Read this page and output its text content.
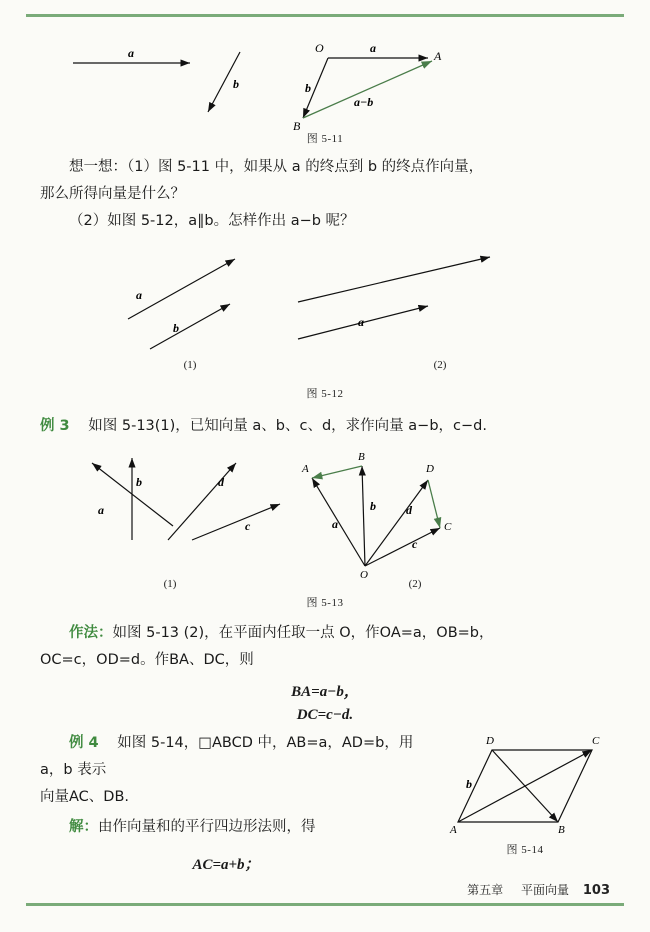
a
b
O	a
A
b
a−b
B
图 5-11

想一想：（1）图 5-11 中，如果从 a 的终点到 b 的终点作向量，

那么所得向量是什么？

（2）如图 5-12，a∥b。怎样作出 a−b 呢？

a
b	a
(1)	(2)
图 5-12

例 3 如图 5-13(1)，已知向量 a、b、c、d，求作向量 a−b，c−d.

a
b	d
c
A
B
D
C
O
a
b	d
c
(1)	(2)
图 5-13

作法：如图 5-13 (2)，在平面内任取一点 O，作OA=a，OB=b，

OC=c，OD=d。作BA、DC，则

BA=a−b，
DC=c−d.

例 4 如图 5-14，□ABCD 中，AB=a，AD=b，用 a，b 表示

向量AC、DB.

解：由作向量和的平行四边形法则，得

AC=a+b；
D	C
A	B
b
图 5-14
第五章 平面向量 103
